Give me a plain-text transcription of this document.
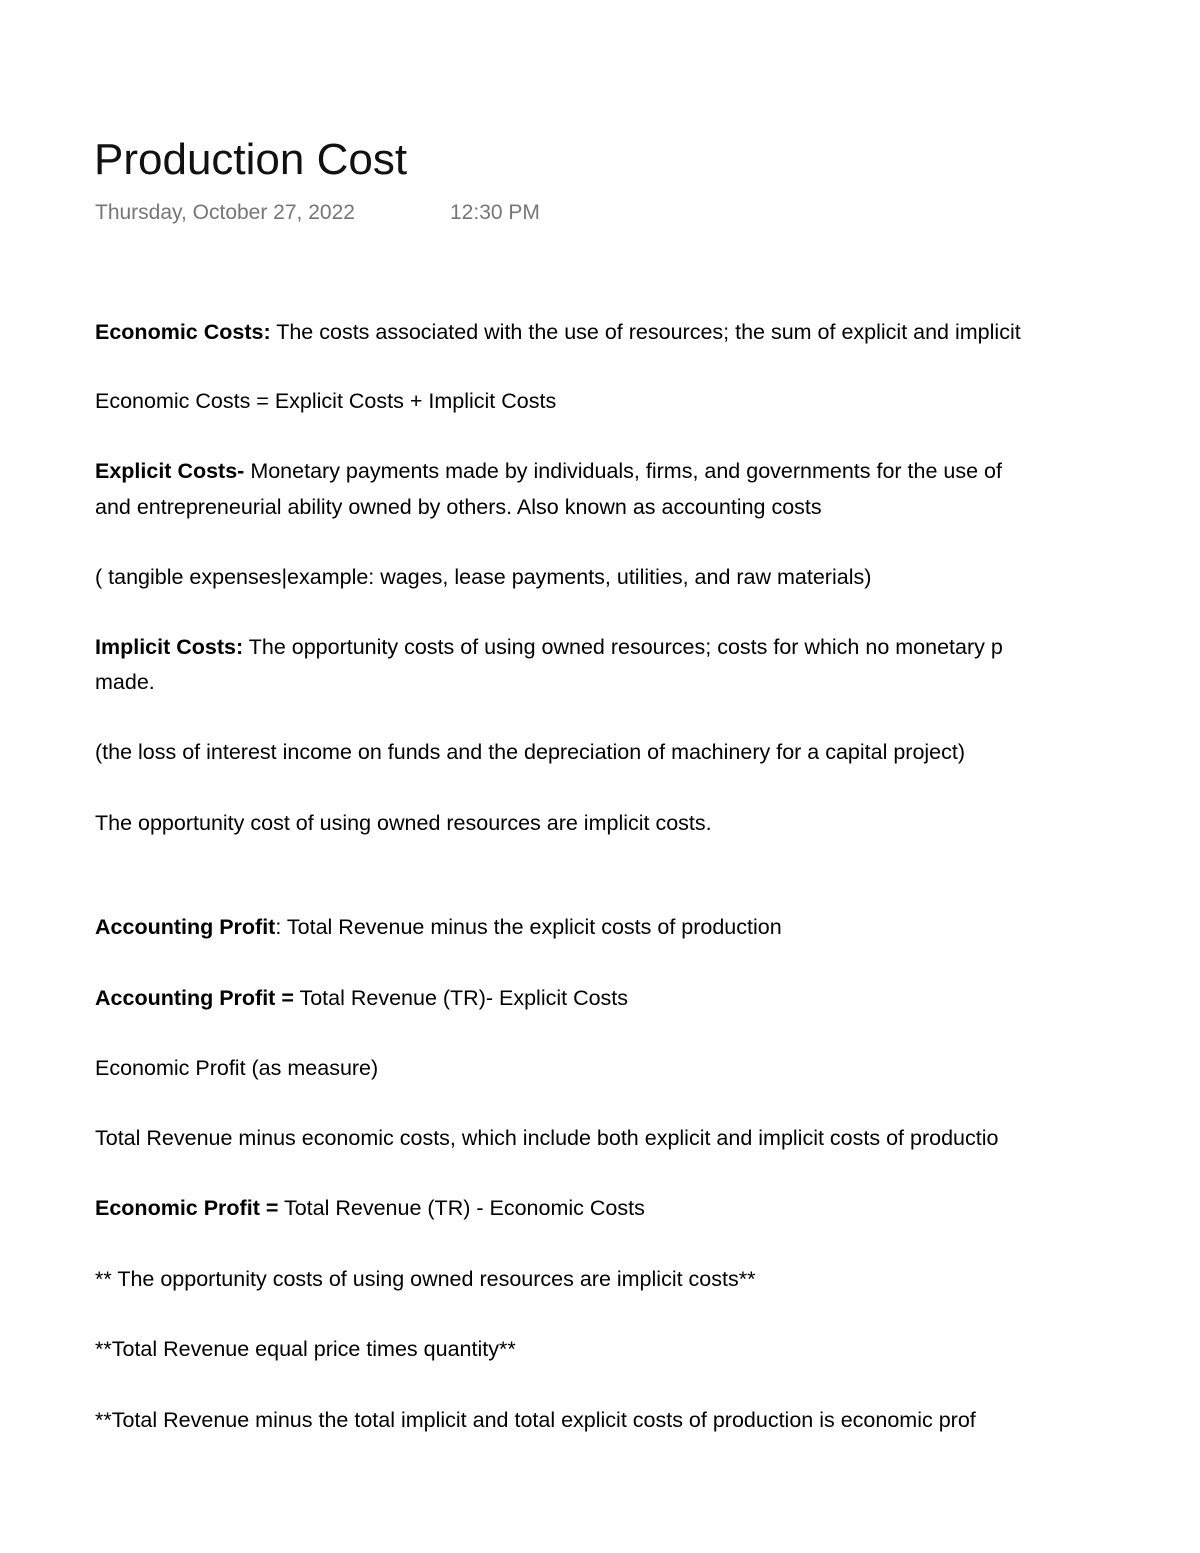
Production Cost
Thursday, October 27, 2022	12:30 PM
Economic Costs: The costs associated with the use of resources; the sum of explicit and implicit
Economic Costs = Explicit Costs + Implicit Costs
Explicit Costs- Monetary payments made by individuals, firms, and governments for the use of
and entrepreneurial ability owned by others. Also known as accounting costs
( tangible expenses|example: wages, lease payments, utilities, and raw materials)
Implicit Costs: The opportunity costs of using owned resources; costs for which no monetary p
made.
(the loss of interest income on funds and the depreciation of machinery for a capital project)
The opportunity cost of using owned resources are implicit costs.
Accounting Profit: Total Revenue minus the explicit costs of production
Accounting Profit = Total Revenue (TR)- Explicit Costs
Economic Profit (as measure)
Total Revenue minus economic costs, which include both explicit and implicit costs of productio
Economic Profit = Total Revenue (TR) - Economic Costs
** The opportunity costs of using owned resources are implicit costs**
**Total Revenue equal price times quantity**
**Total Revenue minus the total implicit and total explicit costs of production is economic prof
